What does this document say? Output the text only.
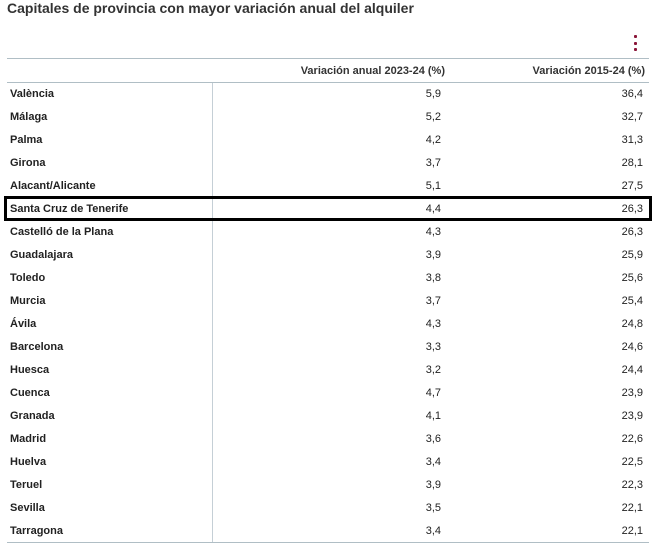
Capitales de provincia con mayor variación anual del alquiler
	Variación anual 2023-24 (%)	Variación 2015-24 (%)
València	5,9	36,4
Málaga	5,2	32,7
Palma	4,2	31,3
Girona	3,7	28,1
Alacant/Alicante	5,1	27,5
Santa Cruz de Tenerife	4,4	26,3
Castelló de la Plana	4,3	26,3
Guadalajara	3,9	25,9
Toledo	3,8	25,6
Murcia	3,7	25,4
Ávila	4,3	24,8
Barcelona	3,3	24,6
Huesca	3,2	24,4
Cuenca	4,7	23,9
Granada	4,1	23,9
Madrid	3,6	22,6
Huelva	3,4	22,5
Teruel	3,9	22,3
Sevilla	3,5	22,1
Tarragona	3,4	22,1
